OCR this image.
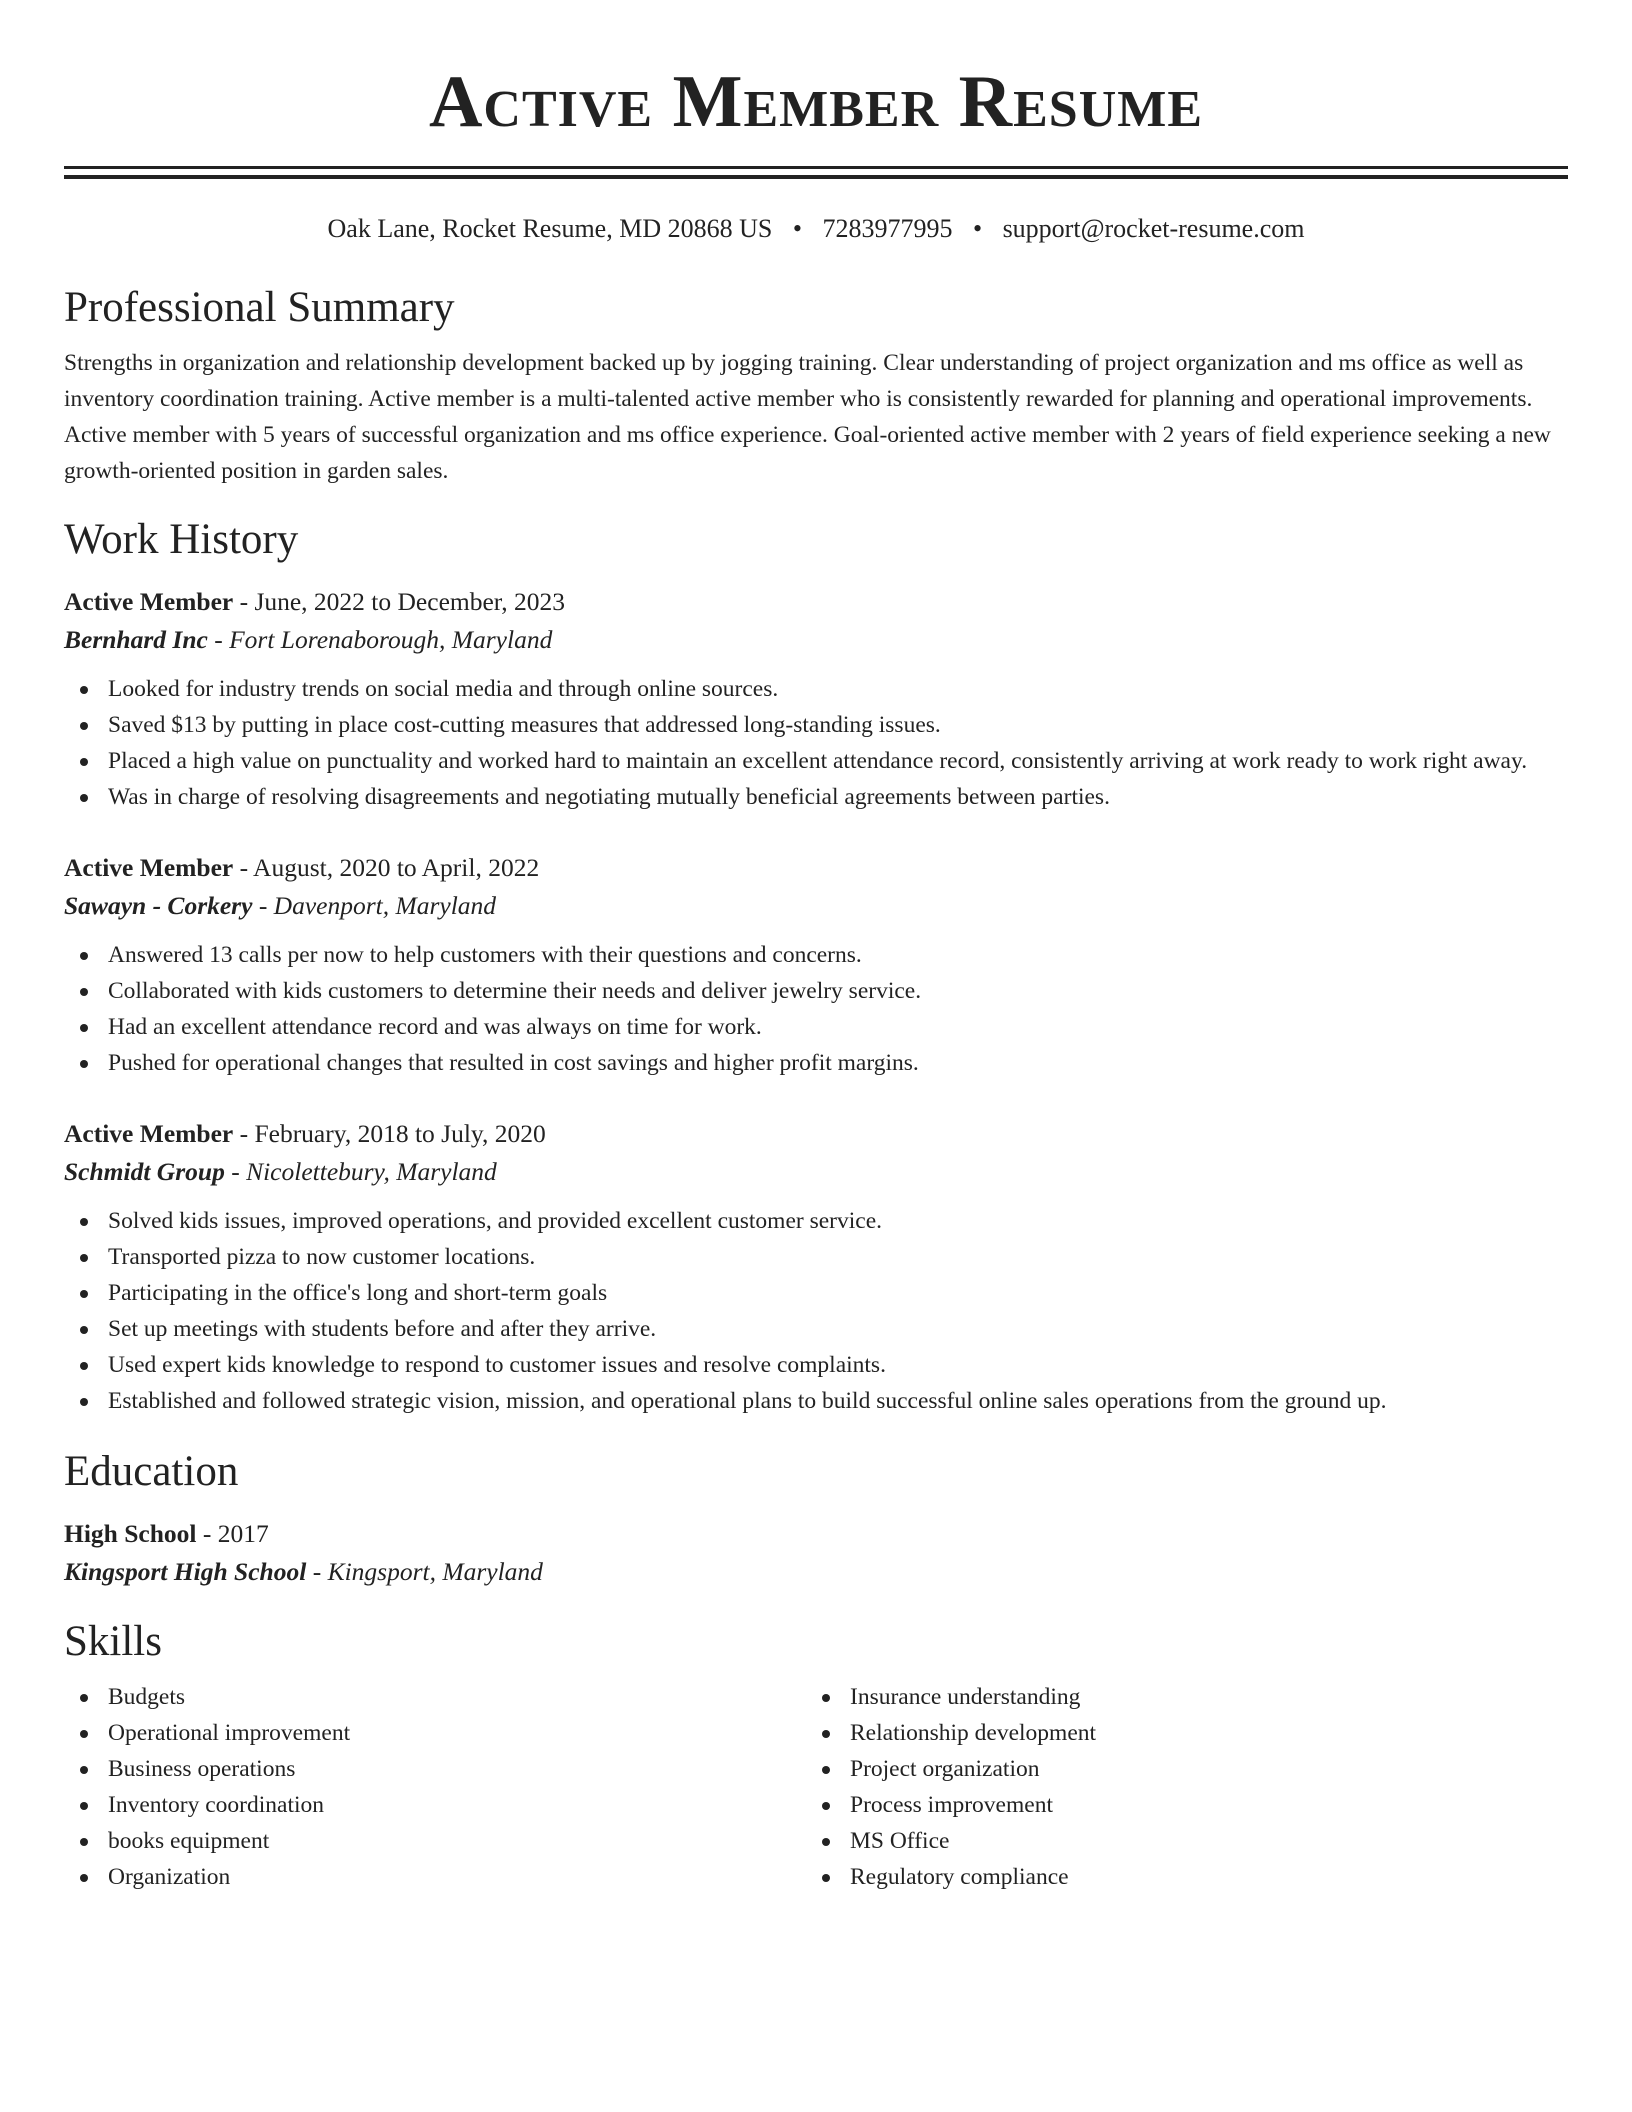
Active Member Resume
Oak Lane, Rocket Resume, MD 20868 US • 7283977995 • support@rocket-resume.com
Professional Summary
Strengths in organization and relationship development backed up by jogging training. Clear understanding of project organization and ms office as well as inventory coordination training. Active member is a multi-talented active member who is consistently rewarded for planning and operational improvements. Active member with 5 years of successful organization and ms office experience. Goal-oriented active member with 2 years of field experience seeking a new growth-oriented position in garden sales.
Work History
Active Member - June, 2022 to December, 2023
Bernhard Inc - Fort Lorenaborough, Maryland
Looked for industry trends on social media and through online sources.
Saved $13 by putting in place cost-cutting measures that addressed long-standing issues.
Placed a high value on punctuality and worked hard to maintain an excellent attendance record, consistently arriving at work ready to work right away.
Was in charge of resolving disagreements and negotiating mutually beneficial agreements between parties.
Active Member - August, 2020 to April, 2022
Sawayn - Corkery - Davenport, Maryland
Answered 13 calls per now to help customers with their questions and concerns.
Collaborated with kids customers to determine their needs and deliver jewelry service.
Had an excellent attendance record and was always on time for work.
Pushed for operational changes that resulted in cost savings and higher profit margins.
Active Member - February, 2018 to July, 2020
Schmidt Group - Nicolettebury, Maryland
Solved kids issues, improved operations, and provided excellent customer service.
Transported pizza to now customer locations.
Participating in the office's long and short-term goals
Set up meetings with students before and after they arrive.
Used expert kids knowledge to respond to customer issues and resolve complaints.
Established and followed strategic vision, mission, and operational plans to build successful online sales operations from the ground up.
Education
High School - 2017
Kingsport High School - Kingsport, Maryland
Skills
Budgets
Operational improvement
Business operations
Inventory coordination
books equipment
Organization
Insurance understanding
Relationship development
Project organization
Process improvement
MS Office
Regulatory compliance
